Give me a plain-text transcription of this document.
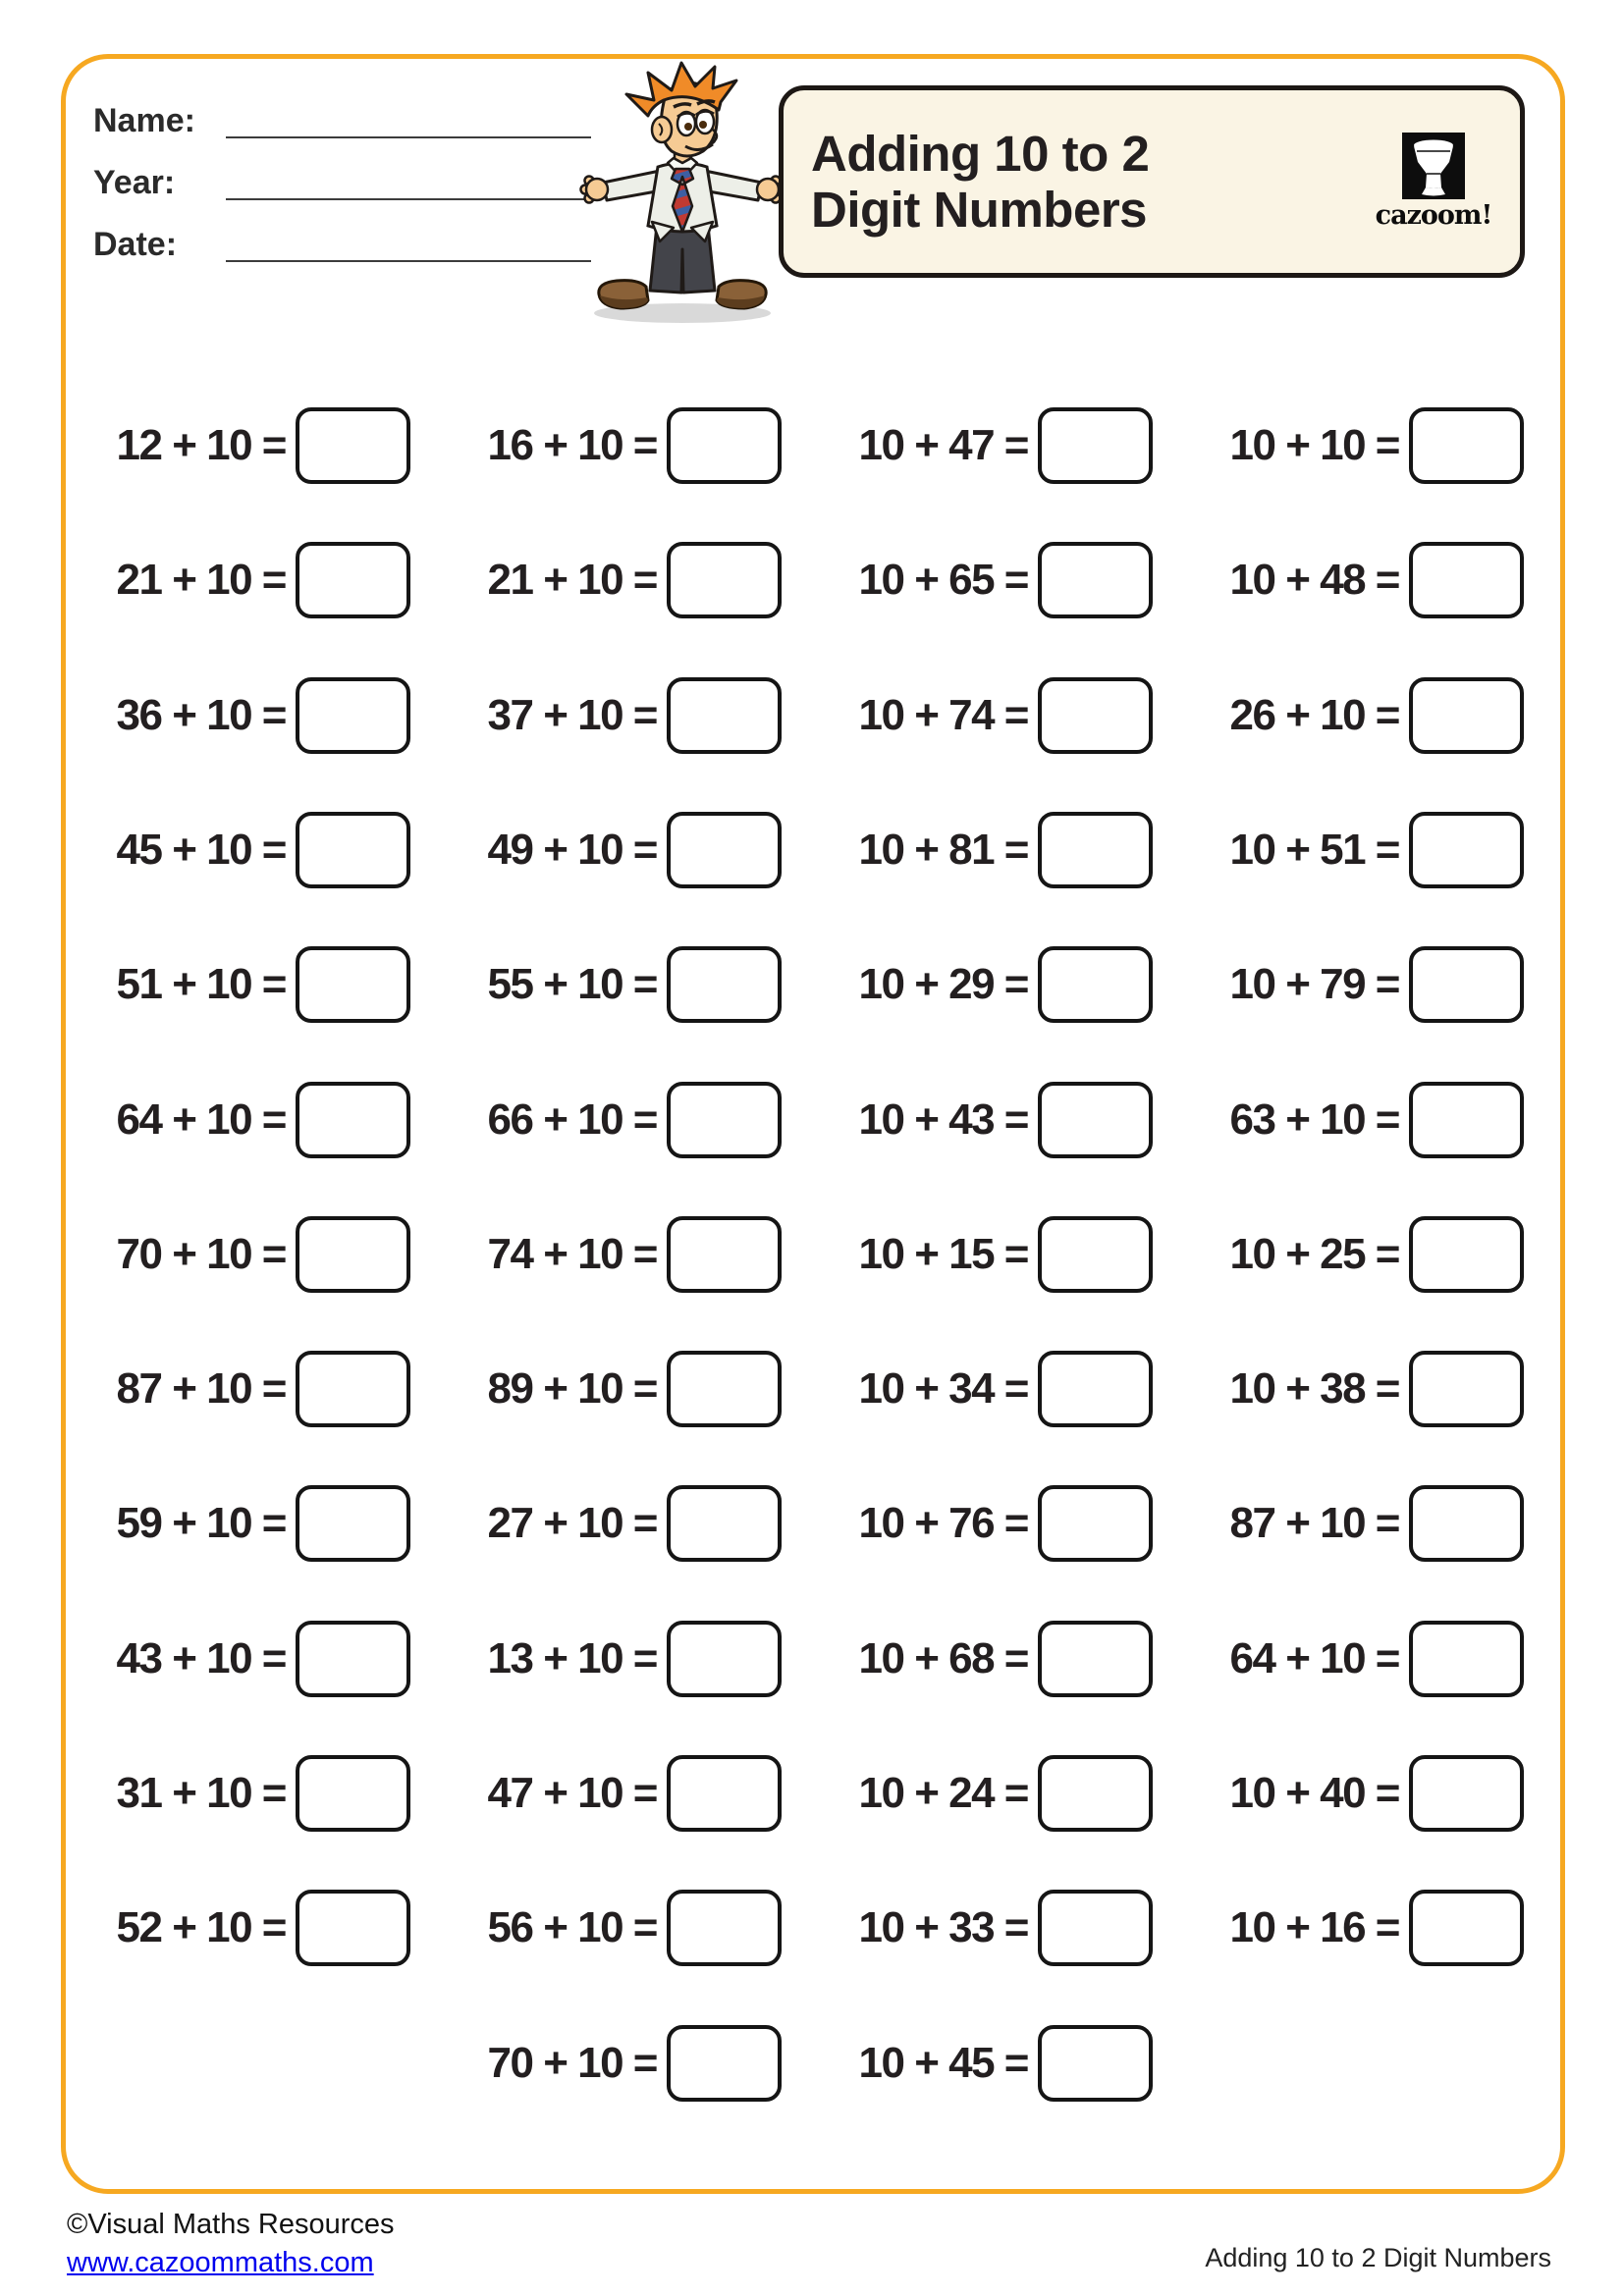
Name:
Year:
Date:
Adding 10 to 2
Digit Numbers	cazoom!
12 + 10 =	16 + 10 =	10 + 47 =	10 + 10 =
21 + 10 =	21 + 10 =	10 + 65 =	10 + 48 =
36 + 10 =	37 + 10 =	10 + 74 =	26 + 10 =
45 + 10 =	49 + 10 =	10 + 81 =	10 + 51 =
51 + 10 =	55 + 10 =	10 + 29 =	10 + 79 =
64 + 10 =	66 + 10 =	10 + 43 =	63 + 10 =
70 + 10 =	74 + 10 =	10 + 15 =	10 + 25 =
87 + 10 =	89 + 10 =	10 + 34 =	10 + 38 =
59 + 10 =	27 + 10 =	10 + 76 =	87 + 10 =
43 + 10 =	13 + 10 =	10 + 68 =	64 + 10 =
31 + 10 =	47 + 10 =	10 + 24 =	10 + 40 =
52 + 10 =	56 + 10 =	10 + 33 =	10 + 16 =
70 + 10 =	10 + 45 =
©Visual Maths Resources
www.cazoommaths.com	Adding 10 to 2 Digit Numbers
